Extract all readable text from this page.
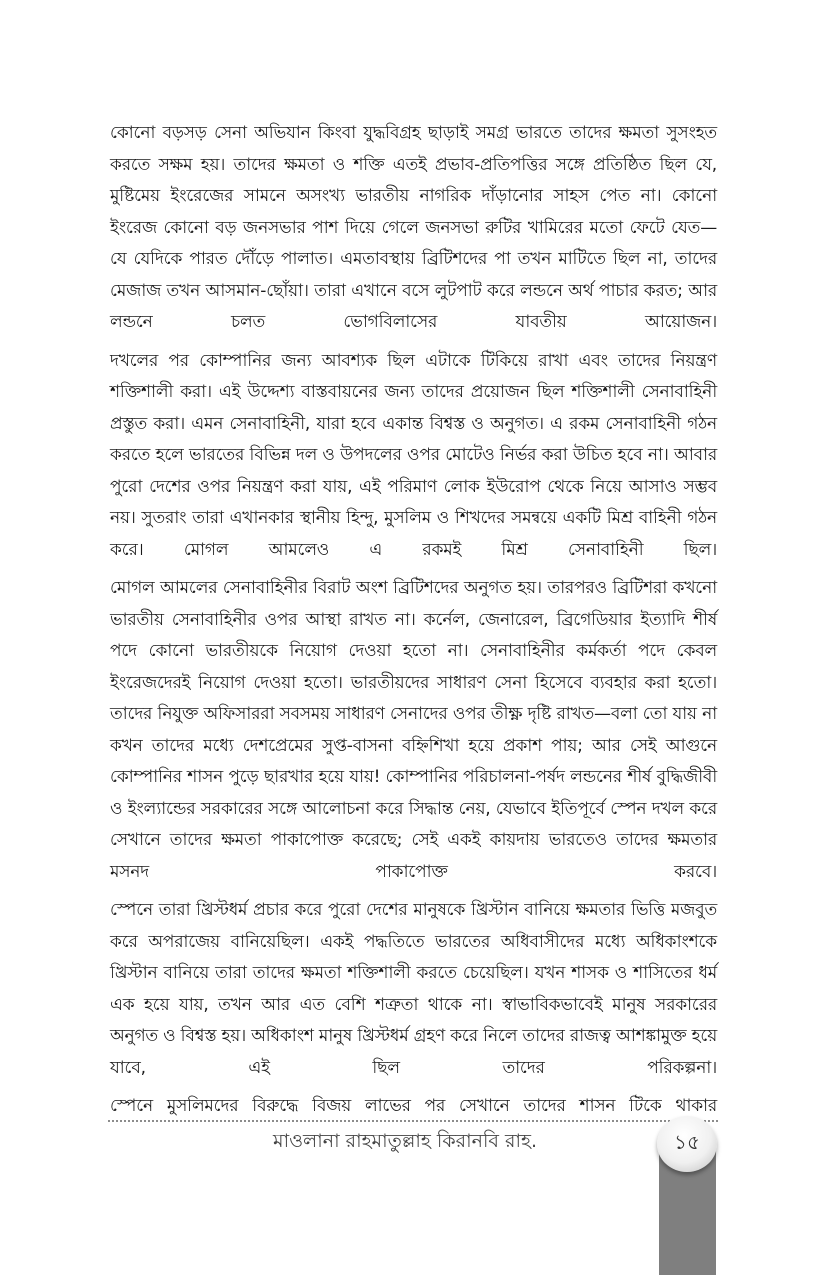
কোনো বড়সড় সেনা অভিযান কিংবা যুদ্ধবিগ্রহ ছাড়াই সমগ্র ভারতে তাদের ক্ষমতা সুসংহত করতে সক্ষম হয়। তাদের ক্ষমতা ও শক্তি এতই প্রভাব-প্রতিপত্তির সঙ্গে প্রতিষ্ঠিত ছিল যে, মুষ্টিমেয় ইংরেজের সামনে অসংখ্য ভারতীয় নাগরিক দাঁড়ানোর সাহস পেত না। কোনো ইংরেজ কোনো বড় জনসভার পাশ দিয়ে গেলে জনসভা রুটির খামিরের মতো ফেটে যেত—যে যেদিকে পারত দৌঁড়ে পালাত। এমতাবস্থায় ব্রিটিশদের পা তখন মাটিতে ছিল না, তাদের মেজাজ তখন আসমান-ছোঁয়া। তারা এখানে বসে লুটপাট করে লন্ডনে অর্থ পাচার করত; আর লন্ডনে চলত ভোগবিলাসের যাবতীয় আয়োজন।

দখলের পর কোম্পানির জন্য আবশ্যক ছিল এটাকে টিকিয়ে রাখা এবং তাদের নিয়ন্ত্রণ শক্তিশালী করা। এই উদ্দেশ্য বাস্তবায়নের জন্য তাদের প্রয়োজন ছিল শক্তিশালী সেনাবাহিনী প্রস্তুত করা। এমন সেনাবাহিনী, যারা হবে একান্ত বিশ্বস্ত ও অনুগত। এ রকম সেনাবাহিনী গঠন করতে হলে ভারতের বিভিন্ন দল ও উপদলের ওপর মোটেও নির্ভর করা উচিত হবে না। আবার পুরো দেশের ওপর নিয়ন্ত্রণ করা যায়, এই পরিমাণ লোক ইউরোপ থেকে নিয়ে আসাও সম্ভব নয়। সুতরাং তারা এখানকার স্থানীয় হিন্দু, মুসলিম ও শিখদের সমন্বয়ে একটি মিশ্র বাহিনী গঠন করে। মোগল আমলেও এ রকমই মিশ্র সেনাবাহিনী ছিল।

মোগল আমলের সেনাবাহিনীর বিরাট অংশ ব্রিটিশদের অনুগত হয়। তারপরও ব্রিটিশরা কখনো ভারতীয় সেনাবাহিনীর ওপর আস্থা রাখত না। কর্নেল, জেনারেল, ব্রিগেডিয়ার ইত্যাদি শীর্ষ পদে কোনো ভারতীয়কে নিয়োগ দেওয়া হতো না। সেনাবাহিনীর কর্মকর্তা পদে কেবল ইংরেজদেরই নিয়োগ দেওয়া হতো। ভারতীয়দের সাধারণ সেনা হিসেবে ব্যবহার করা হতো। তাদের নিযুক্ত অফিসাররা সবসময় সাধারণ সেনাদের ওপর তীক্ষ্ণ দৃষ্টি রাখত—বলা তো যায় না কখন তাদের মধ্যে দেশপ্রেমের সুপ্ত-বাসনা বহ্নিশিখা হয়ে প্রকাশ পায়; আর সেই আগুনে কোম্পানির শাসন পুড়ে ছারখার হয়ে যায়! কোম্পানির পরিচালনা-পর্ষদ লন্ডনের শীর্ষ বুদ্ধিজীবী ও ইংল্যান্ডের সরকারের সঙ্গে আলোচনা করে সিদ্ধান্ত নেয়, যেভাবে ইতিপূর্বে স্পেন দখল করে সেখানে তাদের ক্ষমতা পাকাপোক্ত করেছে; সেই একই কায়দায় ভারতেও তাদের ক্ষমতার মসনদ পাকাপোক্ত করবে।

স্পেনে তারা খ্রিস্টধর্ম প্রচার করে পুরো দেশের মানুষকে খ্রিস্টান বানিয়ে ক্ষমতার ভিত্তি মজবুত করে অপরাজেয় বানিয়েছিল। একই পদ্ধতিতে ভারতের অধিবাসীদের মধ্যে অধিকাংশকে খ্রিস্টান বানিয়ে তারা তাদের ক্ষমতা শক্তিশালী করতে চেয়েছিল। যখন শাসক ও শাসিতের ধর্ম এক হয়ে যায়, তখন আর এত বেশি শত্রুতা থাকে না। স্বাভাবিকভাবেই মানুষ সরকারের অনুগত ও বিশ্বস্ত হয়। অধিকাংশ মানুষ খ্রিস্টধর্ম গ্রহণ করে নিলে তাদের রাজত্ব আশঙ্কামুক্ত হয়ে যাবে, এই ছিল তাদের পরিকল্পনা।

স্পেনে মুসলিমদের বিরুদ্ধে বিজয় লাভের পর সেখানে তাদের শাসন টিকে থাকার

মাওলানা রাহমাতুল্লাহ কিরানবি রাহ.	১৫
